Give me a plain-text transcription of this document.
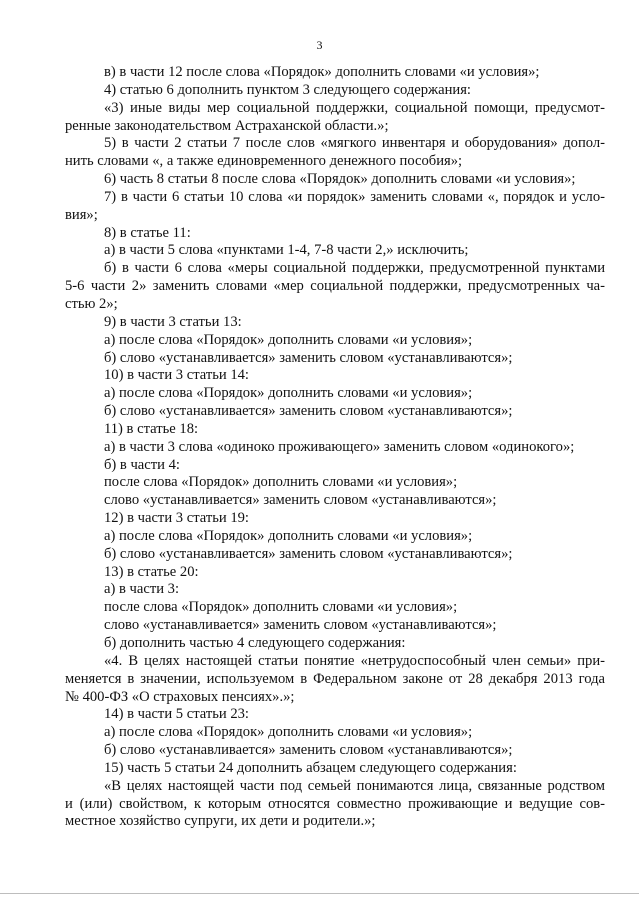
3
в) в части 12 после слова «Порядок» дополнить словами «и условия»;
4) статью 6 дополнить пунктом 3 следующего содержания:
«3) иные виды мер социальной поддержки, социальной помощи, предусмот-
ренные законодательством Астраханской области.»;
5) в части 2 статьи 7 после слов «мягкого инвентаря и оборудования» допол-
нить словами «, а также единовременного денежного пособия»;
6) часть 8 статьи 8 после слова «Порядок» дополнить словами «и условия»;
7) в части 6 статьи 10 слова «и порядок» заменить словами «, порядок и усло-
вия»;
8) в статье 11:
а) в части 5 слова «пунктами 1-4, 7-8 части 2,» исключить;
б) в части 6 слова «меры социальной поддержки, предусмотренной пунктами
5-6 части 2» заменить словами «мер социальной поддержки, предусмотренных ча-
стью 2»;
9) в части 3 статьи 13:
а) после слова «Порядок» дополнить словами «и условия»;
б) слово «устанавливается» заменить словом «устанавливаются»;
10) в части 3 статьи 14:
а) после слова «Порядок» дополнить словами «и условия»;
б) слово «устанавливается» заменить словом «устанавливаются»;
11) в статье 18:
а) в части 3 слова «одиноко проживающего» заменить словом «одинокого»;
б) в части 4:
после слова «Порядок» дополнить словами «и условия»;
слово «устанавливается» заменить словом «устанавливаются»;
12) в части 3 статьи 19:
а) после слова «Порядок» дополнить словами «и условия»;
б) слово «устанавливается» заменить словом «устанавливаются»;
13) в статье 20:
а) в части 3:
после слова «Порядок» дополнить словами «и условия»;
слово «устанавливается» заменить словом «устанавливаются»;
б) дополнить частью 4 следующего содержания:
«4. В целях настоящей статьи понятие «нетрудоспособный член семьи» при-
меняется в значении, используемом в Федеральном законе от 28 декабря 2013 года
№ 400-ФЗ «О страховых пенсиях».»;
14) в части 5 статьи 23:
а) после слова «Порядок» дополнить словами «и условия»;
б) слово «устанавливается» заменить словом «устанавливаются»;
15) часть 5 статьи 24 дополнить абзацем следующего содержания:
«В целях настоящей части под семьей понимаются лица, связанные родством
и (или) свойством, к которым относятся совместно проживающие и ведущие сов-
местное хозяйство супруги, их дети и родители.»;
